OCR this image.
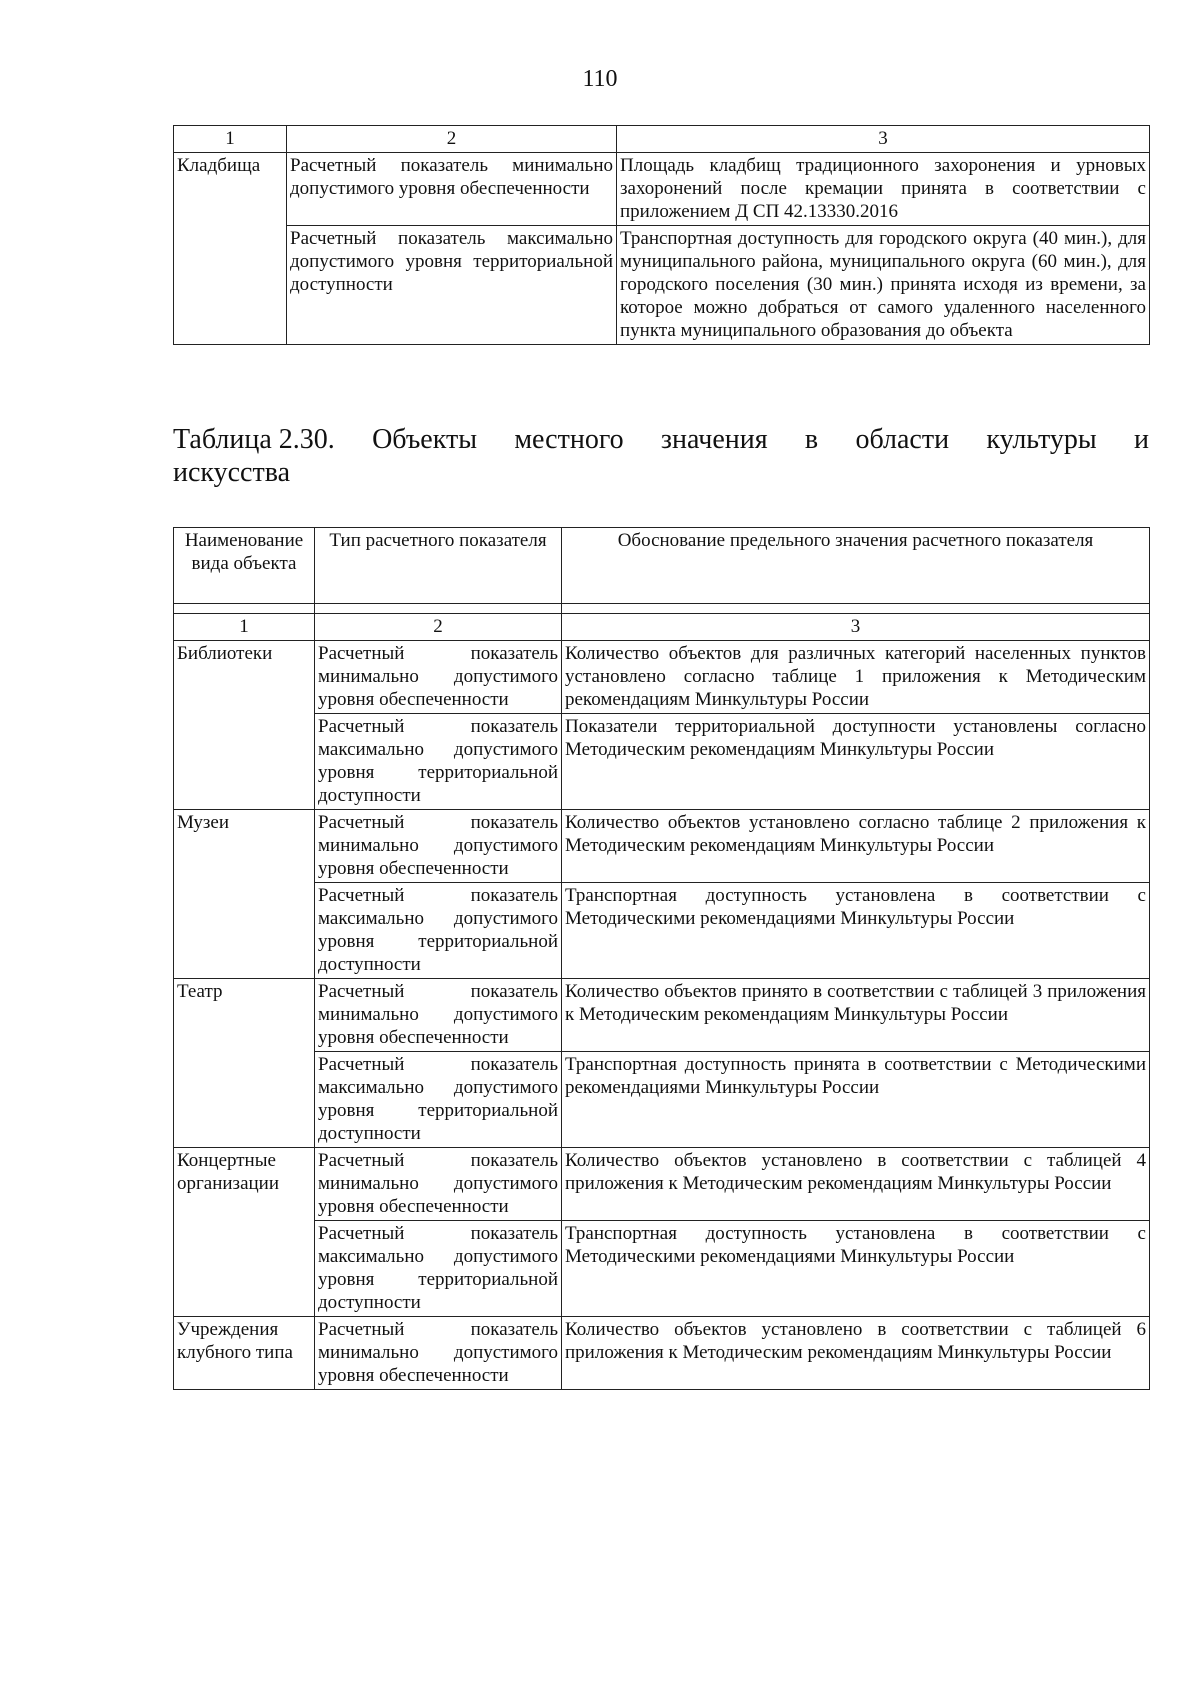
110
1	2	3
Кладбища	Расчетный показатель минимально допустимого уровня обеспеченности	Площадь кладбищ традиционного захоронения и урновых захоронений после кремации принята в соответствии с приложением Д СП 42.13330.2016
	Расчетный показатель максимально допустимого уровня территориальной доступности	Транспортная доступность для городского округа (40 мин.), для муниципального района, муниципального округа (60 мин.), для городского поселения (30 мин.) принята исходя из времени, за которое можно добраться от самого удаленного населенного пункта муниципального образования до объекта
Таблица 2.30. Объекты местного значения в области культуры и
искусства
Наименование вида объекта	Тип расчетного показателя	Обоснование предельного значения расчетного показателя

1	2	3
Библиотеки	Расчетный показатель минимально допустимого уровня обеспеченности	Количество объектов для различных категорий населенных пунктов установлено согласно таблице 1 приложения к Методическим рекомендациям Минкультуры России
	Расчетный показатель максимально допустимого уровня территориальной доступности	Показатели территориальной доступности установлены согласно Методическим рекомендациям Минкультуры России
Музеи	Расчетный показатель минимально допустимого уровня обеспеченности	Количество объектов установлено согласно таблице 2 приложения к Методическим рекомендациям Минкультуры России
	Расчетный показатель максимально допустимого уровня территориальной доступности	Транспортная доступность установлена в соответствии с Методическими рекомендациями Минкультуры России
Театр	Расчетный показатель минимально допустимого уровня обеспеченности	Количество объектов принято в соответствии с таблицей 3 приложения к Методическим рекомендациям Минкультуры России
	Расчетный показатель максимально допустимого уровня территориальной доступности	Транспортная доступность принята в соответствии с Методическими рекомендациями Минкультуры России
Концертные организации	Расчетный показатель минимально допустимого уровня обеспеченности	Количество объектов установлено в соответствии с таблицей 4 приложения к Методическим рекомендациям Минкультуры России
	Расчетный показатель максимально допустимого уровня территориальной доступности	Транспортная доступность установлена в соответствии с Методическими рекомендациями Минкультуры России
Учреждения клубного типа	Расчетный показатель минимально допустимого уровня обеспеченности	Количество объектов установлено в соответствии с таблицей 6 приложения к Методическим рекомендациям Минкультуры России
